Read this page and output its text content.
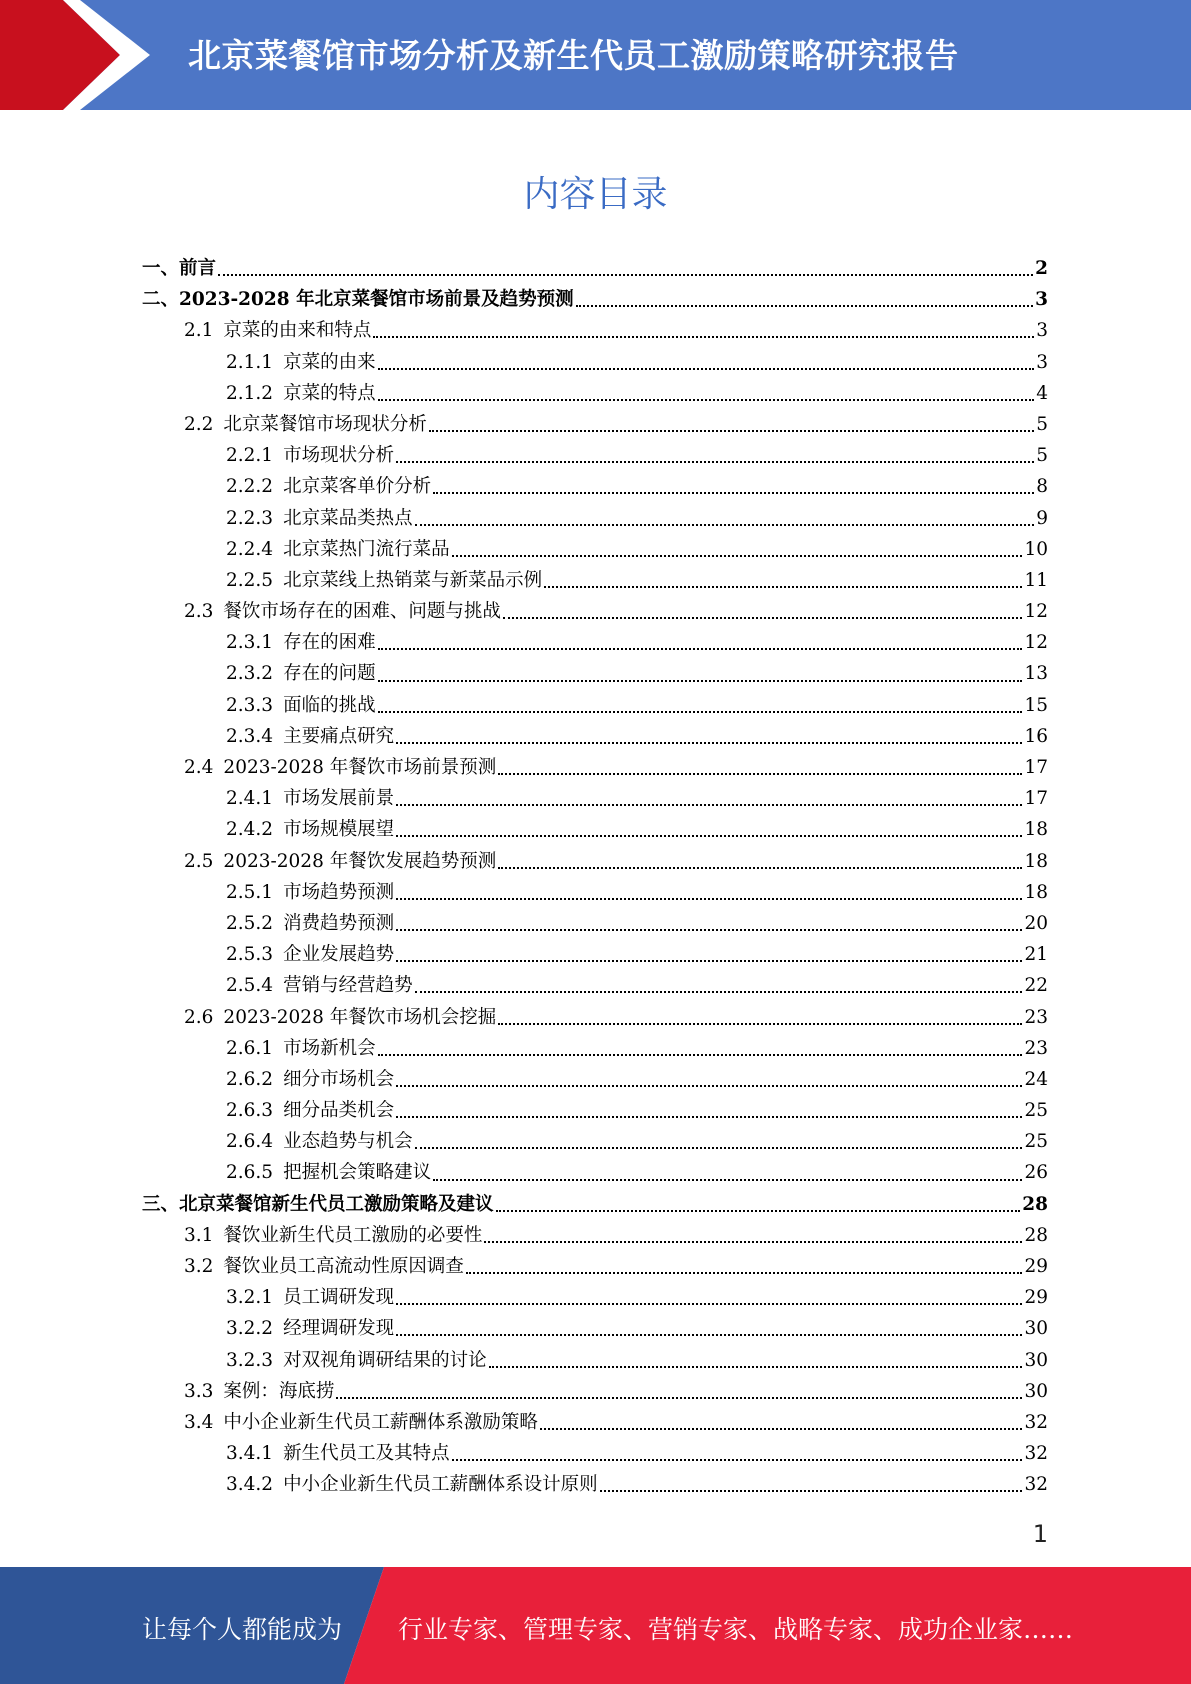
北京菜餐馆市场分析及新生代员工激励策略研究报告
内容目录
一、 前言	2
二、 2023-2028 年北京菜餐馆市场前景及趋势预测	3
2.1 京菜的由来和特点	3
2.1.1 京菜的由来	3
2.1.2 京菜的特点	4
2.2 北京菜餐馆市场现状分析	5
2.2.1 市场现状分析	5
2.2.2 北京菜客单价分析	8
2.2.3 北京菜品类热点	9
2.2.4 北京菜热门流行菜品	10
2.2.5 北京菜线上热销菜与新菜品示例	11
2.3 餐饮市场存在的困难、问题与挑战	12
2.3.1 存在的困难	12
2.3.2 存在的问题	13
2.3.3 面临的挑战	15
2.3.4 主要痛点研究	16
2.4 2023-2028 年餐饮市场前景预测	17
2.4.1 市场发展前景	17
2.4.2 市场规模展望	18
2.5 2023-2028 年餐饮发展趋势预测	18
2.5.1 市场趋势预测	18
2.5.2 消费趋势预测	20
2.5.3 企业发展趋势	21
2.5.4 营销与经营趋势	22
2.6 2023-2028 年餐饮市场机会挖掘	23
2.6.1 市场新机会	23
2.6.2 细分市场机会	24
2.6.3 细分品类机会	25
2.6.4 业态趋势与机会	25
2.6.5 把握机会策略建议	26
三、 北京菜餐馆新生代员工激励策略及建议	28
3.1 餐饮业新生代员工激励的必要性	28
3.2 餐饮业员工高流动性原因调查	29
3.2.1 员工调研发现	29
3.2.2 经理调研发现	30
3.2.3 对双视角调研结果的讨论	30
3.3 案例：海底捞	30
3.4 中小企业新生代员工薪酬体系激励策略	32
3.4.1 新生代员工及其特点	32
3.4.2 中小企业新生代员工薪酬体系设计原则	32
1
让每个人都能成为 行业专家、管理专家、营销专家、战略专家、成功企业家……
